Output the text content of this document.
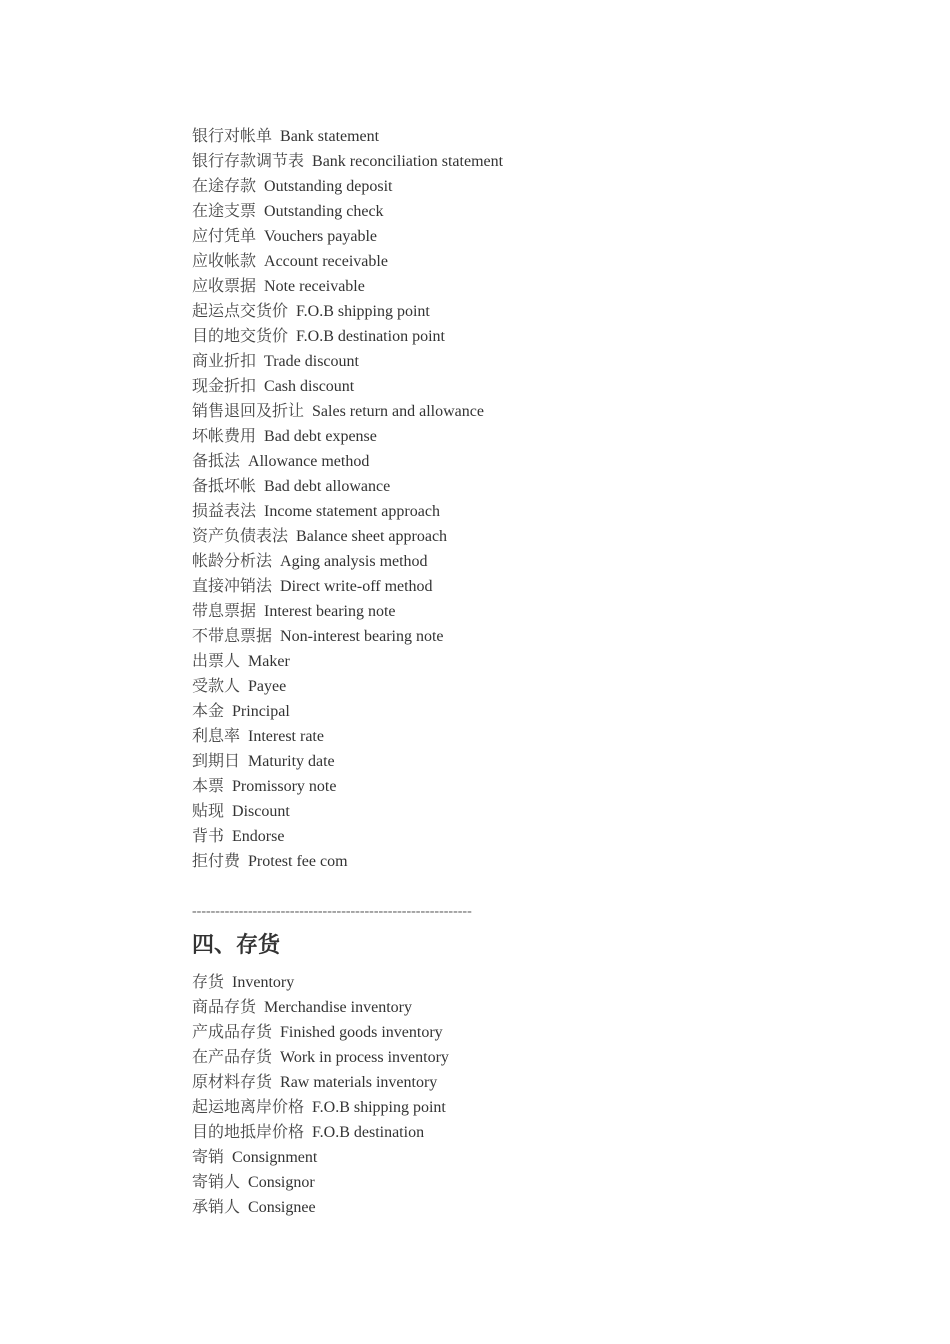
银行对帐单 Bank statement
银行存款调节表 Bank reconciliation statement
在途存款 Outstanding deposit
在途支票 Outstanding check
应付凭单 Vouchers payable
应收帐款 Account receivable
应收票据 Note receivable
起运点交货价 F.O.B shipping point
目的地交货价 F.O.B destination point
商业折扣 Trade discount
现金折扣 Cash discount
销售退回及折让 Sales return and allowance
坏帐费用 Bad debt expense
备抵法 Allowance method
备抵坏帐 Bad debt allowance
损益表法 Income statement approach
资产负债表法 Balance sheet approach
帐龄分析法 Aging analysis method
直接冲销法 Direct write-off method
带息票据 Interest bearing note
不带息票据 Non-interest bearing note
出票人 Maker
受款人 Payee
本金 Principal
利息率 Interest rate
到期日 Maturity date
本票 Promissory note
贴现 Discount
背书 Endorse
拒付费 Protest fee com
------------------------------------------------------------
四、存货
存货 Inventory
商品存货 Merchandise inventory
产成品存货 Finished goods inventory
在产品存货 Work in process inventory
原材料存货 Raw materials inventory
起运地离岸价格 F.O.B shipping point
目的地抵岸价格 F.O.B destination
寄销 Consignment
寄销人 Consignor
承销人 Consignee
